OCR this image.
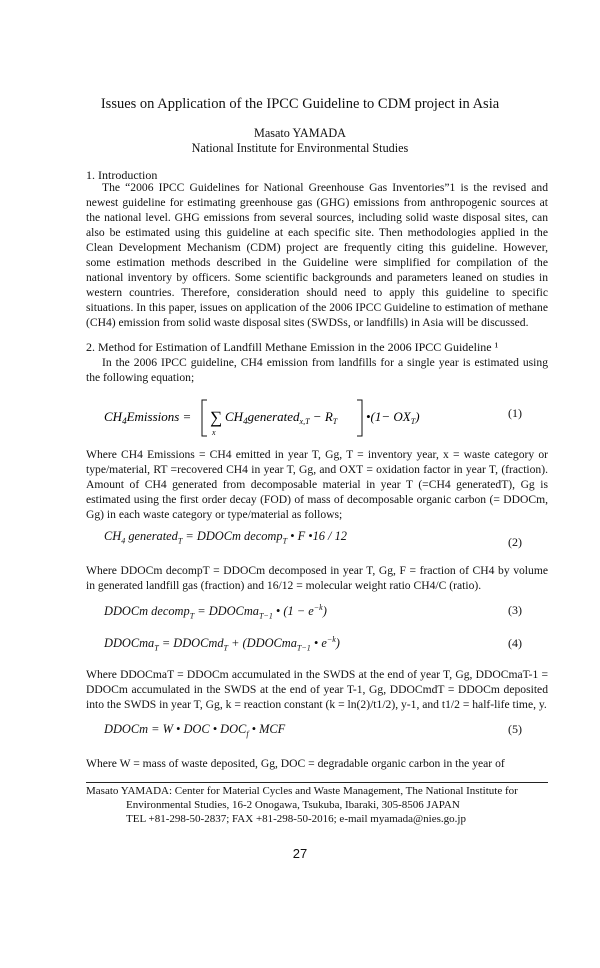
Issues on Application of the IPCC Guideline to CDM project in Asia
Masato YAMADA
National Institute for Environmental Studies
1. Introduction
The “2006 IPCC Guidelines for National Greenhouse Gas Inventories”1 is the revised and newest guideline for estimating greenhouse gas (GHG) emissions from anthropogenic sources at the national level. GHG emissions from several sources, including solid waste disposal sites, can also be estimated using this guideline at each specific site. Then methodologies applied in the Clean Development Mechanism (CDM) project are frequently citing this guideline. However, some estimation methods described in the Guideline were simplified for compilation of the national inventory by officers. Some scientific backgrounds and parameters leaned on studies in western countries. Therefore, consideration should need to apply this guideline to specific situations. In this paper, issues on application of the 2006 IPCC Guideline to estimation of methane (CH4) emission from solid waste disposal sites (SWDSs, or landfills) in Asia will be discussed.
2. Method for Estimation of Landfill Methane Emission in the 2006 IPCC Guideline ¹
In the 2006 IPCC guideline, CH4 emission from landfills for a single year is estimated using the following equation;
$CH_4Emissions$ = ∑
x
$CH_4generated_{x,T} - R_T$ •(1− $OX_T$)	(1)
Where CH4 Emissions = CH4 emitted in year T, Gg, T = inventory year, x = waste category or type/material, RT =recovered CH4 in year T, Gg, and OXT = oxidation factor in year T, (fraction). Amount of CH4 generated from decomposable material in year T (=CH4 generatedT), Gg is estimated using the first order decay (FOD) of mass of decomposable organic carbon (= DDOCm, Gg) in each waste category or type/material as follows;
$CH_4$ generated$_T$ = DDOCm decomp$_T$ • F •16 / 12	(2)
Where DDOCm decompT = DDOCm decomposed in year T, Gg, F = fraction of CH4 by volume in generated landfill gas (fraction) and 16/12 = molecular weight ratio CH4/C (ratio).
DDOCm decomp$_T$ = DDOCma$_{T-1}$ • $(1 - e^{-k})$	(3)
DDOCma$_T$ = DDOCmd$_T$ + (DDOCma$_{T-1}$ • $e^{-k}$)	(4)
Where DDOCmaT = DDOCm accumulated in the SWDS at the end of year T, Gg, DDOCmaT-1 = DDOCm accumulated in the SWDS at the end of year T-1, Gg, DDOCmdT = DDOCm deposited into the SWDS in year T, Gg, k = reaction constant (k = ln(2)/t1/2), y-1, and t1/2 = half-life time, y.
DDOCm = W • DOC • $DOC_f$ • MCF	(5)
Where W = mass of waste deposited, Gg, DOC = degradable organic carbon in the year of
Masato YAMADA: Center for Material Cycles and Waste Management, The National Institute for Environmental Studies, 16-2 Onogawa, Tsukuba, Ibaraki, 305-8506 JAPAN
TEL +81-298-50-2837; FAX +81-298-50-2016; e-mail myamada@nies.go.jp
27
